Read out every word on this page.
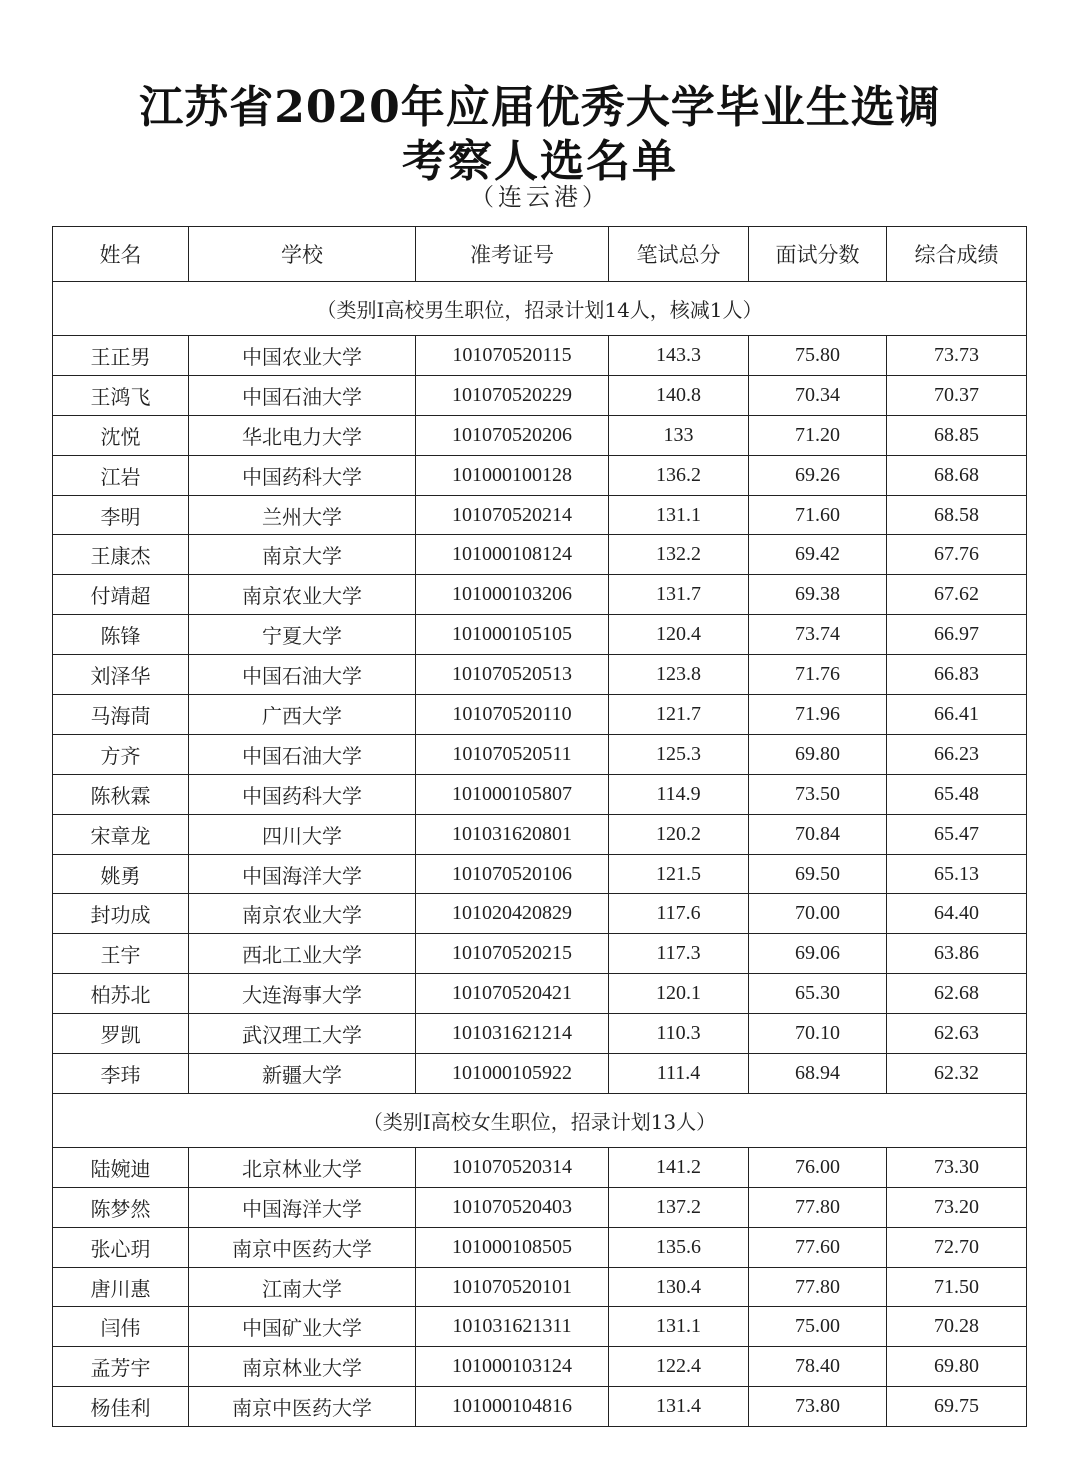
江苏省2020年应届优秀大学毕业生选调
考察人选名单
（连云港）
姓名	学校	准考证号	笔试总分	面试分数	综合成绩
（类别I高校男生职位，招录计划14人，核减1人）					
王正男	中国农业大学	101070520115	143.3	75.80	73.73
王鸿飞	中国石油大学	101070520229	140.8	70.34	70.37
沈悦	华北电力大学	101070520206	133	71.20	68.85
江岩	中国药科大学	101000100128	136.2	69.26	68.68
李明	兰州大学	101070520214	131.1	71.60	68.58
王康杰	南京大学	101000108124	132.2	69.42	67.76
付靖超	南京农业大学	101000103206	131.7	69.38	67.62
陈锋	宁夏大学	101000105105	120.4	73.74	66.97
刘泽华	中国石油大学	101070520513	123.8	71.76	66.83
马海茼	广西大学	101070520110	121.7	71.96	66.41
方齐	中国石油大学	101070520511	125.3	69.80	66.23
陈秋霖	中国药科大学	101000105807	114.9	73.50	65.48
宋章龙	四川大学	101031620801	120.2	70.84	65.47
姚勇	中国海洋大学	101070520106	121.5	69.50	65.13
封功成	南京农业大学	101020420829	117.6	70.00	64.40
王宇	西北工业大学	101070520215	117.3	69.06	63.86
柏苏北	大连海事大学	101070520421	120.1	65.30	62.68
罗凯	武汉理工大学	101031621214	110.3	70.10	62.63
李玮	新疆大学	101000105922	111.4	68.94	62.32
（类别I高校女生职位，招录计划13人）					
陆婉迪	北京林业大学	101070520314	141.2	76.00	73.30
陈梦然	中国海洋大学	101070520403	137.2	77.80	73.20
张心玥	南京中医药大学	101000108505	135.6	77.60	72.70
唐川惠	江南大学	101070520101	130.4	77.80	71.50
闫伟	中国矿业大学	101031621311	131.1	75.00	70.28
孟芳宇	南京林业大学	101000103124	122.4	78.40	69.80
杨佳利	南京中医药大学	101000104816	131.4	73.80	69.75
